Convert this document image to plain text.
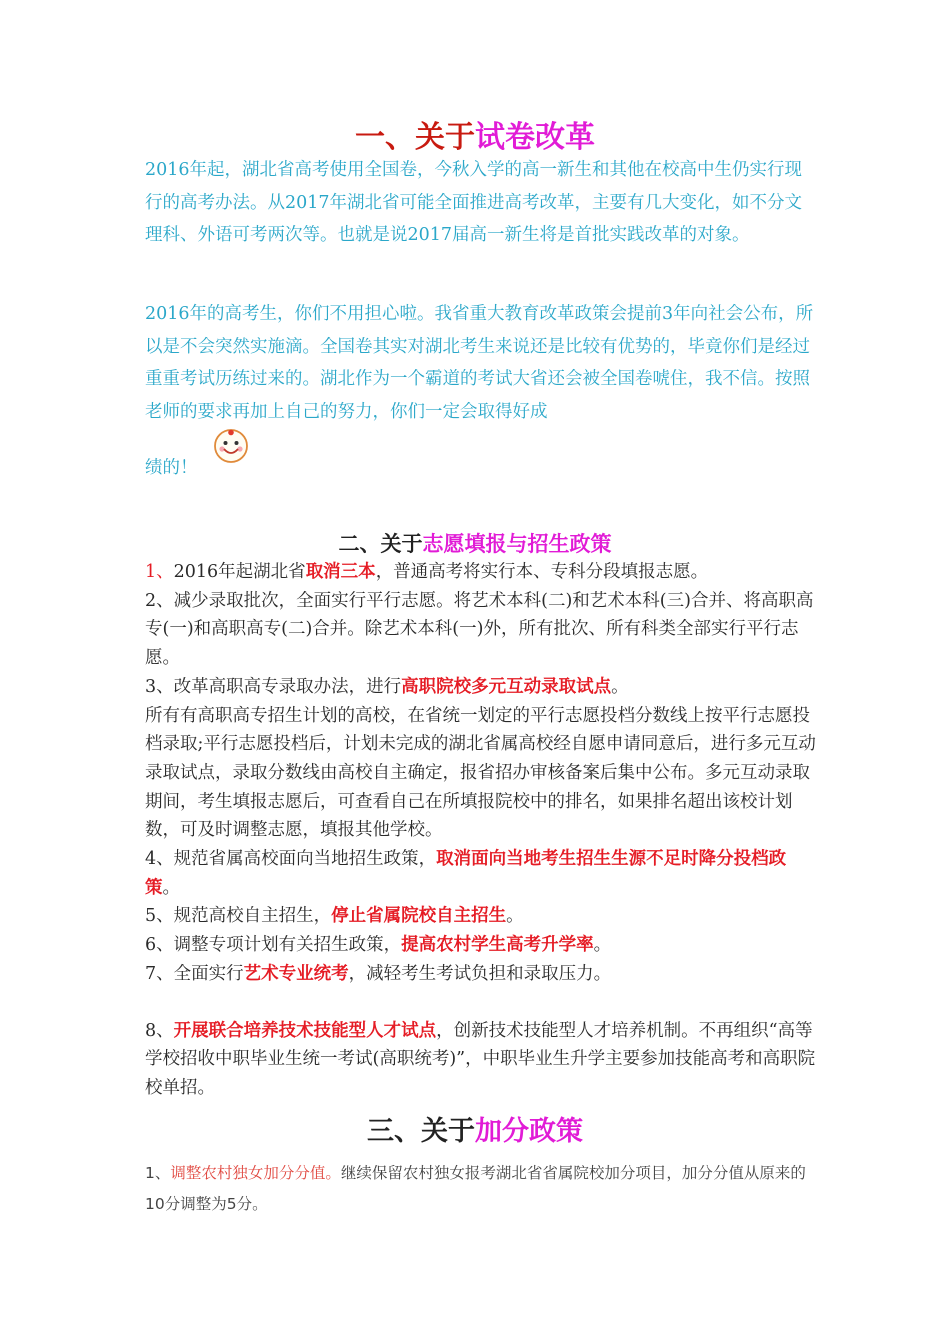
一、关于试卷改革

2016年起，湖北省高考使用全国卷，今秋入学的高一新生和其他在校高中生仍实行现行的高考办法。从2017年湖北省可能全面推进高考改革，主要有几大变化，如不分文理科、外语可考两次等。也就是说2017届高一新生将是首批实践改革的对象。

2016年的高考生，你们不用担心啦。我省重大教育改革政策会提前3年向社会公布，所以是不会突然实施滴。全国卷其实对湖北考生来说还是比较有优势的，毕竟你们是经过重重考试历练过来的。湖北作为一个霸道的考试大省还会被全国卷唬住，我不信。按照老师的要求再加上自己的努力，你们一定会取得好成

绩的！

二、关于志愿填报与招生政策
1、2016年起湖北省取消三本，普通高考将实行本、专科分段填报志愿。
2、减少录取批次，全面实行平行志愿。将艺术本科(二)和艺术本科(三)合并、将高职高专(一)和高职高专(二)合并。除艺术本科(一)外，所有批次、所有科类全部实行平行志愿。
3、改革高职高专录取办法，进行高职院校多元互动录取试点。
所有有高职高专招生计划的高校，在省统一划定的平行志愿投档分数线上按平行志愿投档录取;平行志愿投档后，计划未完成的湖北省属高校经自愿申请同意后，进行多元互动录取试点，录取分数线由高校自主确定，报省招办审核备案后集中公布。多元互动录取期间，考生填报志愿后，可查看自己在所填报院校中的排名，如果排名超出该校计划数，可及时调整志愿，填报其他学校。
4、规范省属高校面向当地招生政策，取消面向当地考生招生生源不足时降分投档政策。
5、规范高校自主招生，停止省属院校自主招生。
6、调整专项计划有关招生政策，提高农村学生高考升学率。
7、全面实行艺术专业统考，减轻考生考试负担和录取压力。
8、开展联合培养技术技能型人才试点，创新技术技能型人才培养机制。不再组织“高等学校招收中职毕业生统一考试(高职统考)”，中职毕业生升学主要参加技能高考和高职院校单招。
三、关于加分政策
1、调整农村独女加分分值。继续保留农村独女报考湖北省省属院校加分项目，加分分值从原来的10分调整为5分。
